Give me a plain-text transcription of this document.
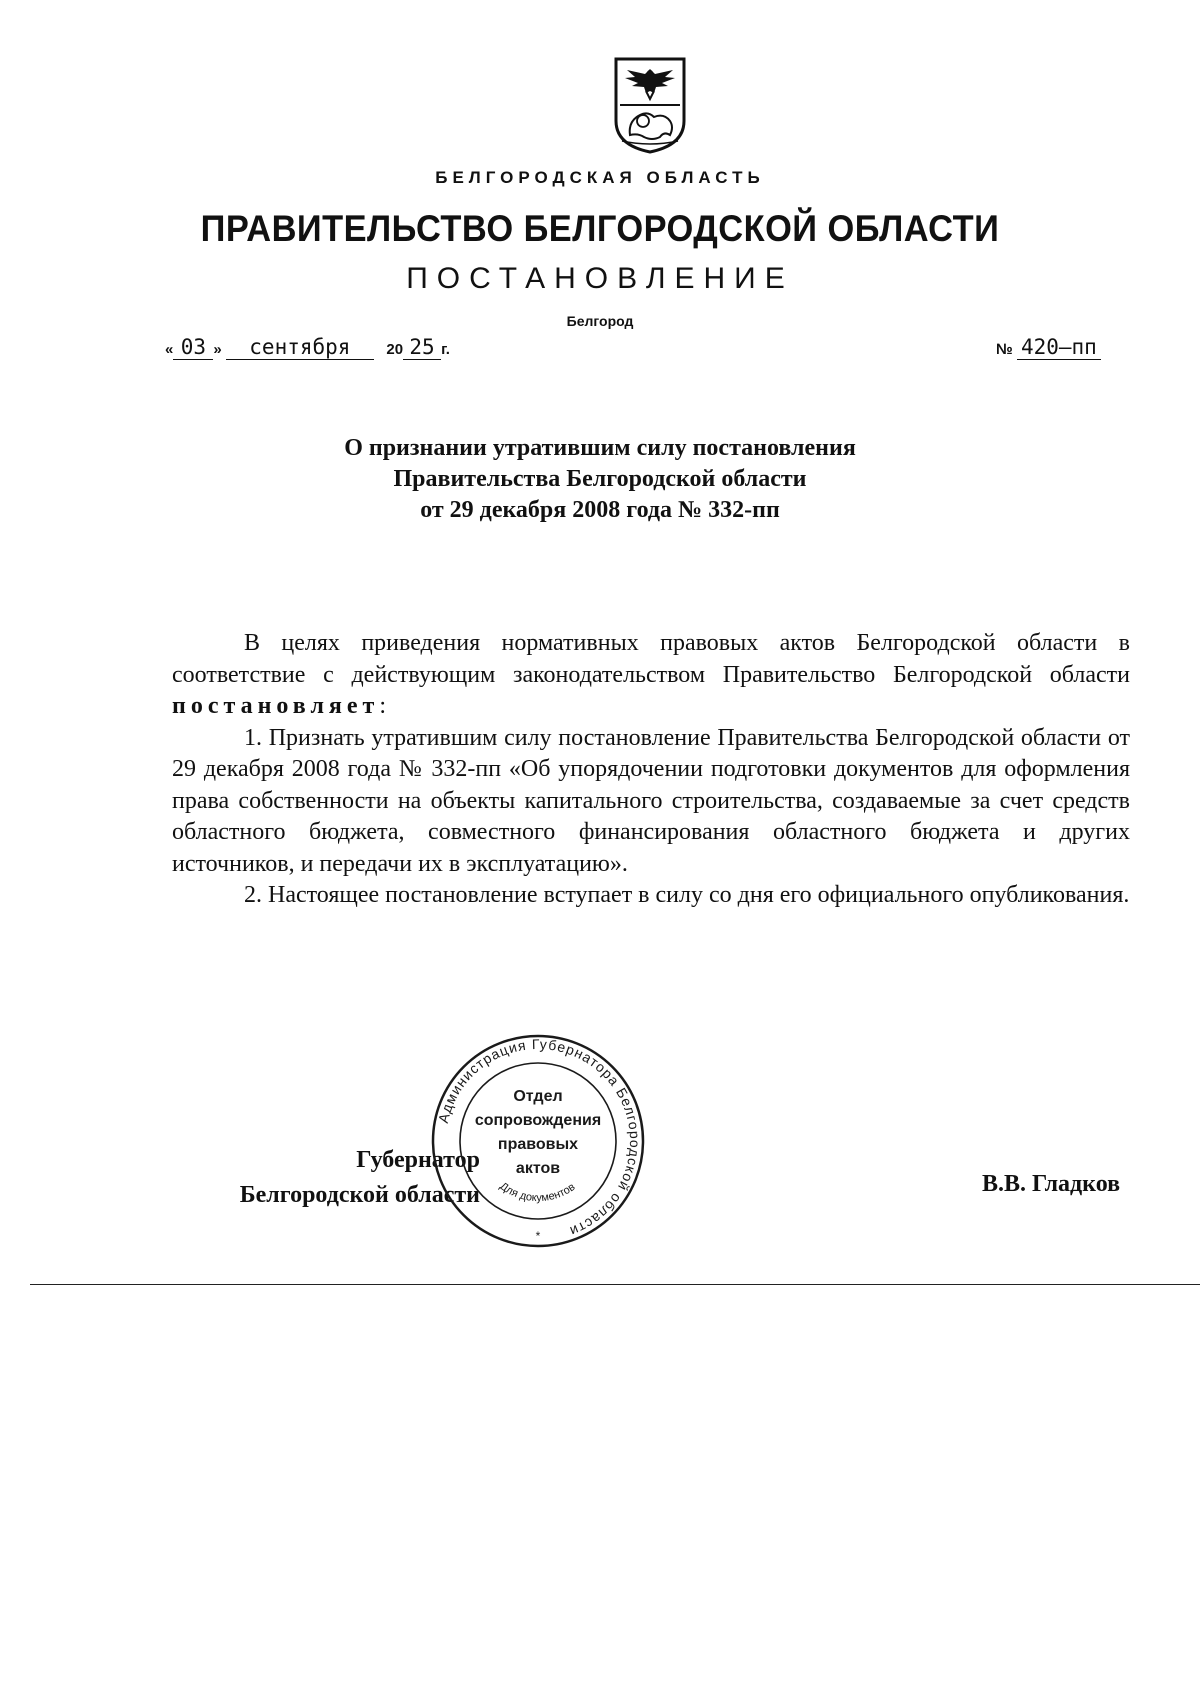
БЕЛГОРОДСКАЯ ОБЛАСТЬ
ПРАВИТЕЛЬСТВО БЕЛГОРОДСКОЙ ОБЛАСТИ
ПОСТАНОВЛЕНИЕ
Белгород
« 03 » сентября 20 25 г.	№ 420–пп
О признании утратившим силу постановления
Правительства Белгородской области
от 29 декабря 2008 года № 332-пп

В целях приведения нормативных правовых актов Белгородской области в соответствие с действующим законодательством Правительство Белгородской области постановляет:

1. Признать утратившим силу постановление Правительства Белгородской области от 29 декабря 2008 года № 332-пп «Об упорядочении подготовки документов для оформления права собственности на объекты капитального строительства, создаваемые за счет средств областного бюджета, совместного финансирования областного бюджета и других источников, и передачи их в эксплуатацию».

2. Настоящее постановление вступает в силу со дня его официального опубликования.

Губернатор
Белгородской области
Администрация Губернатора Белгородской области
Для документов
Отдел
сопровождения
правовых
актов
*
В.В. Гладков
